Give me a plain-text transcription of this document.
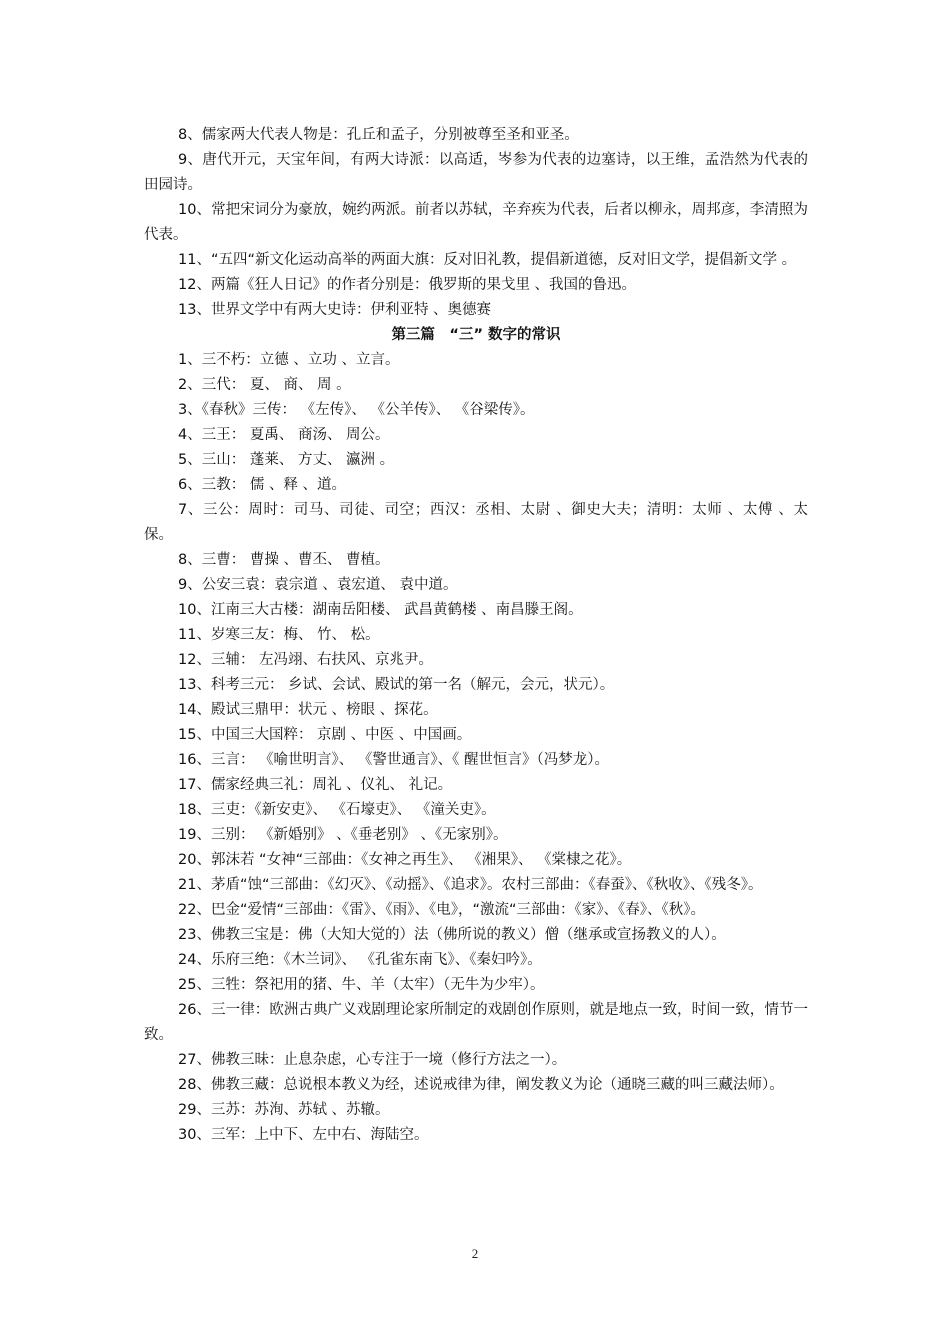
8、儒家两大代表人物是：孔丘和孟子，分别被尊至圣和亚圣。

9、唐代开元，天宝年间，有两大诗派：以高适，岑参为代表的边塞诗，以王维，孟浩然为代表的田园诗。

10、常把宋词分为豪放，婉约两派。前者以苏轼，辛弃疾为代表，后者以柳永，周邦彦，李清照为代表。

11、“五四“新文化运动高举的两面大旗：反对旧礼教，提倡新道德，反对旧文学，提倡新文学 。

12、两篇《狂人日记》的作者分别是：俄罗斯的果戈里 、我国的鲁迅。

13、世界文学中有两大史诗：伊利亚特 、奥德赛

第三篇　“三” 数字的常识

1、三不朽：立德 、立功 、立言。

2、三代： 夏、 商、 周 。

3、《春秋》三传： 《左传》、 《公羊传》、 《谷梁传》。

4、三王： 夏禹、 商汤、 周公。

5、三山： 蓬莱、 方丈、 瀛洲 。

6、三教： 儒 、释 、道。

7、三公：周时：司马、司徒、司空；西汉：丞相、太尉 、御史大夫；清明：太师 、太傅 、太保。

8、三曹： 曹操 、曹丕、 曹植。

9、公安三袁：袁宗道 、袁宏道、 袁中道。

10、江南三大古楼：湖南岳阳楼、 武昌黄鹤楼 、南昌滕王阁。

11、岁寒三友：梅、 竹、 松。

12、三辅： 左冯翊、右扶风、京兆尹。

13、科考三元： 乡试、会试、殿试的第一名（解元，会元，状元）。

14、殿试三鼎甲：状元 、榜眼 、探花。

15、中国三大国粹： 京剧 、中医 、中国画。

16、三言： 《喻世明言》、 《警世通言》、《 醒世恒言》（冯梦龙）。

17、儒家经典三礼：周礼 、仪礼、 礼记。

18、三吏：《新安吏》、 《石壕吏》、 《潼关吏》。

19、三别： 《新婚别》 、《垂老别》 、《无家别》。

20、郭沫若 “女神“三部曲：《女神之再生》、 《湘果》、 《棠棣之花》。

21、茅盾“蚀“三部曲：《幻灭》、《动摇》、《追求》。农村三部曲：《春蚕》、《秋收》、《残冬》。

22、巴金“爱情“三部曲：《雷》、《雨》、《电》，“激流“三部曲：《家》、《春》、《秋》。

23、佛教三宝是：佛（大知大觉的）法（佛所说的教义）僧（继承或宣扬教义的人）。

24、乐府三绝：《木兰词》、 《孔雀东南飞》、《秦妇吟》。

25、三牲：祭祀用的猪、牛、羊（太牢）（无牛为少牢）。

26、三一律：欧洲古典广义戏剧理论家所制定的戏剧创作原则，就是地点一致，时间一致，情节一致。

27、佛教三昧：止息杂虑，心专注于一境（修行方法之一）。

28、佛教三藏：总说根本教义为经，述说戒律为律，阐发教义为论（通晓三藏的叫三藏法师）。

29、三苏：苏洵、苏轼 、苏辙。

30、三军：上中下、左中右、海陆空。

2
